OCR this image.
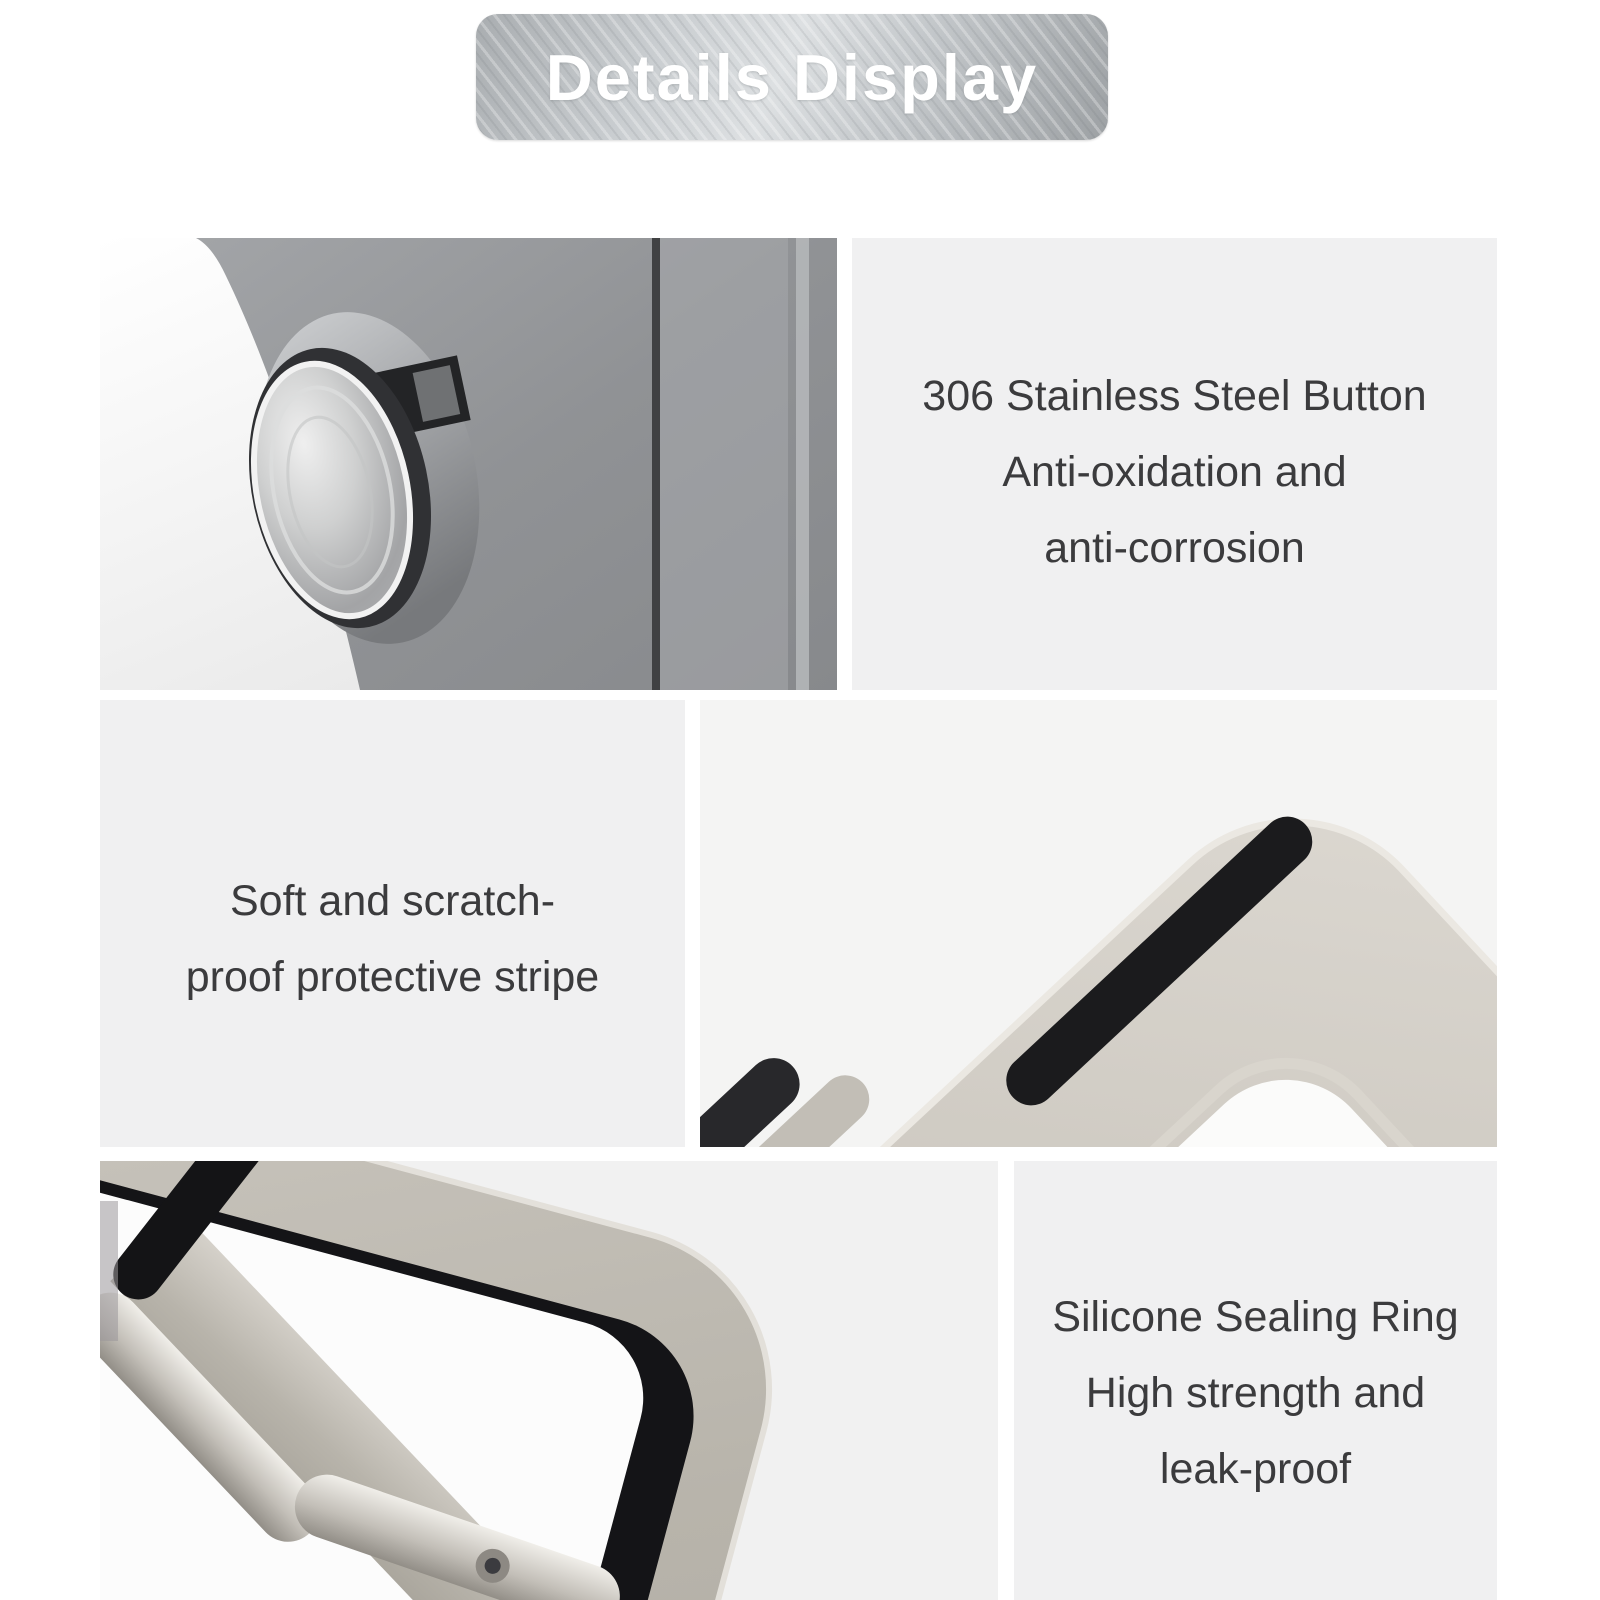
Details Display

306 Stainless Steel Button

Anti-oxidation and

anti-corrosion

Soft and scratch-

proof protective stripe

Silicone Sealing Ring

High strength and

leak-proof
